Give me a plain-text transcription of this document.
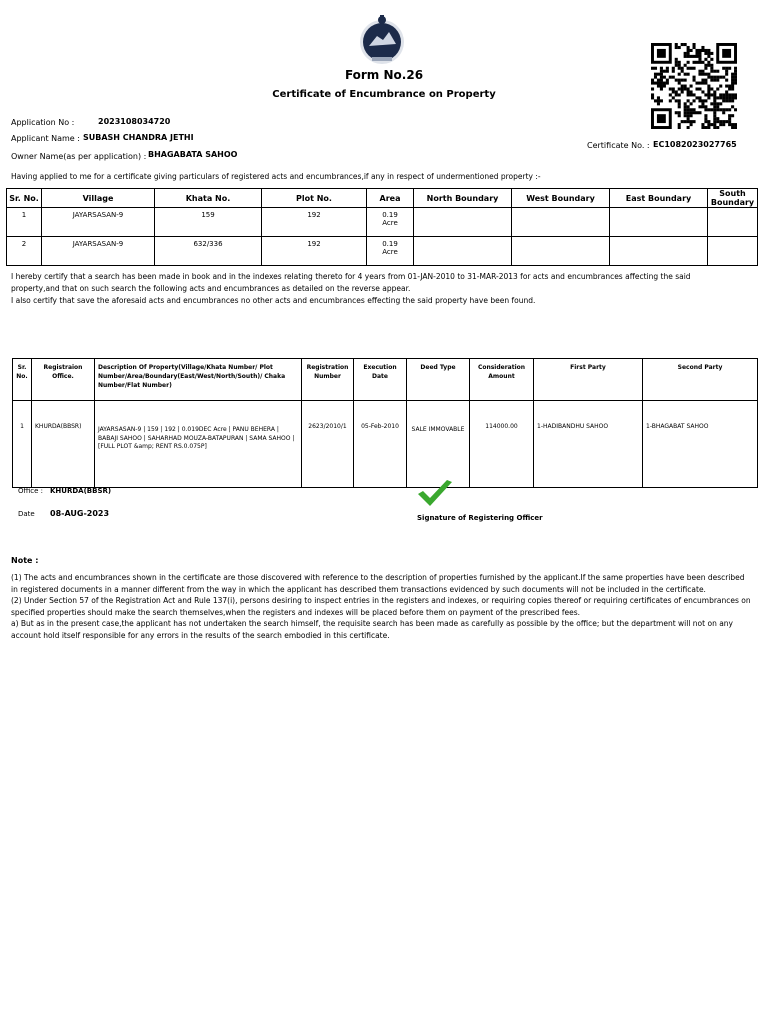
Form No.26
Certificate of Encumbrance on Property
Application No :	2023108034720
Applicant Name : SUBASH CHANDRA JETHI
Owner Name(as per application) : BHAGABATA SAHOO
Certificate No. : EC1082023027765
Having applied to me for a certificate giving particulars of registered acts and encumbrances,if any in respect of undermentioned property :-
Sr. No.	Village	Khata No.	Plot No.	Area	North Boundary	West Boundary	East Boundary	South Boundary
1	JAYARSASAN-9	159	192	0.19
Acre				

2	JAYARSASAN-9	632/336	192	0.19
Acre				

I hereby certify that a search has been made in book and in the indexes relating thereto for 4 years from 01-JAN-2010 to 31-MAR-2013 for acts and encumbrances affecting the said
property,and that on such search the following acts and encumbrances as detailed on the reverse appear.
I also certify that save the aforesaid acts and encumbrances no other acts and encumbrances effecting the said property have been found.
Sr. No.	Registraion Office.	Description Of Property(Village/Khata Number/ Plot Number/Area/Boundary(East/West/North/South)/ Chaka Number/Flat Number)	Registration Number	Execution Date	Deed Type	Consideration Amount	First Party	Second Party
1	KHURDA(BBSR)	JAYARSASAN-9 | 159 | 192 | 0.019DEC Acre | PANU BEHERA | BABAJI SAHOO | SAHARHAD MOUZA-BATAPURAN | SAMA SAHOO | [FULL PLOT &amp; RENT RS.0.075P]	2623/2010/1	05-Feb-2010	SALE IMMOVABLE	114000.00	1-HADIBANDHU SAHOO	1-BHAGABAT SAHOO
Office : KHURDA(BBSR)
Date 08-AUG-2023	Signature of Registering Officer
Note :

(1) The acts and encumbrances shown in the certificate are those discovered with reference to the description of properties furnished by the applicant.If the same properties have been described in registered documents in a manner different from the way in which the applicant has described them transactions evidenced by such documents will not be included in the certificate.

(2) Under Section 57 of the Registration Act and Rule 137(i), persons desiring to inspect entries in the registers and indexes, or requiring copies thereof or requiring certificates of encumbrances on specified properties should make the search themselves,when the registers and indexes will be placed before them on payment of the prescribed fees.

a) But as in the present case,the applicant has not undertaken the search himself, the requisite search has been made as carefully as possible by the office; but the department will not on any account hold itself responsible for any errors in the results of the search embodied in this certificate.
